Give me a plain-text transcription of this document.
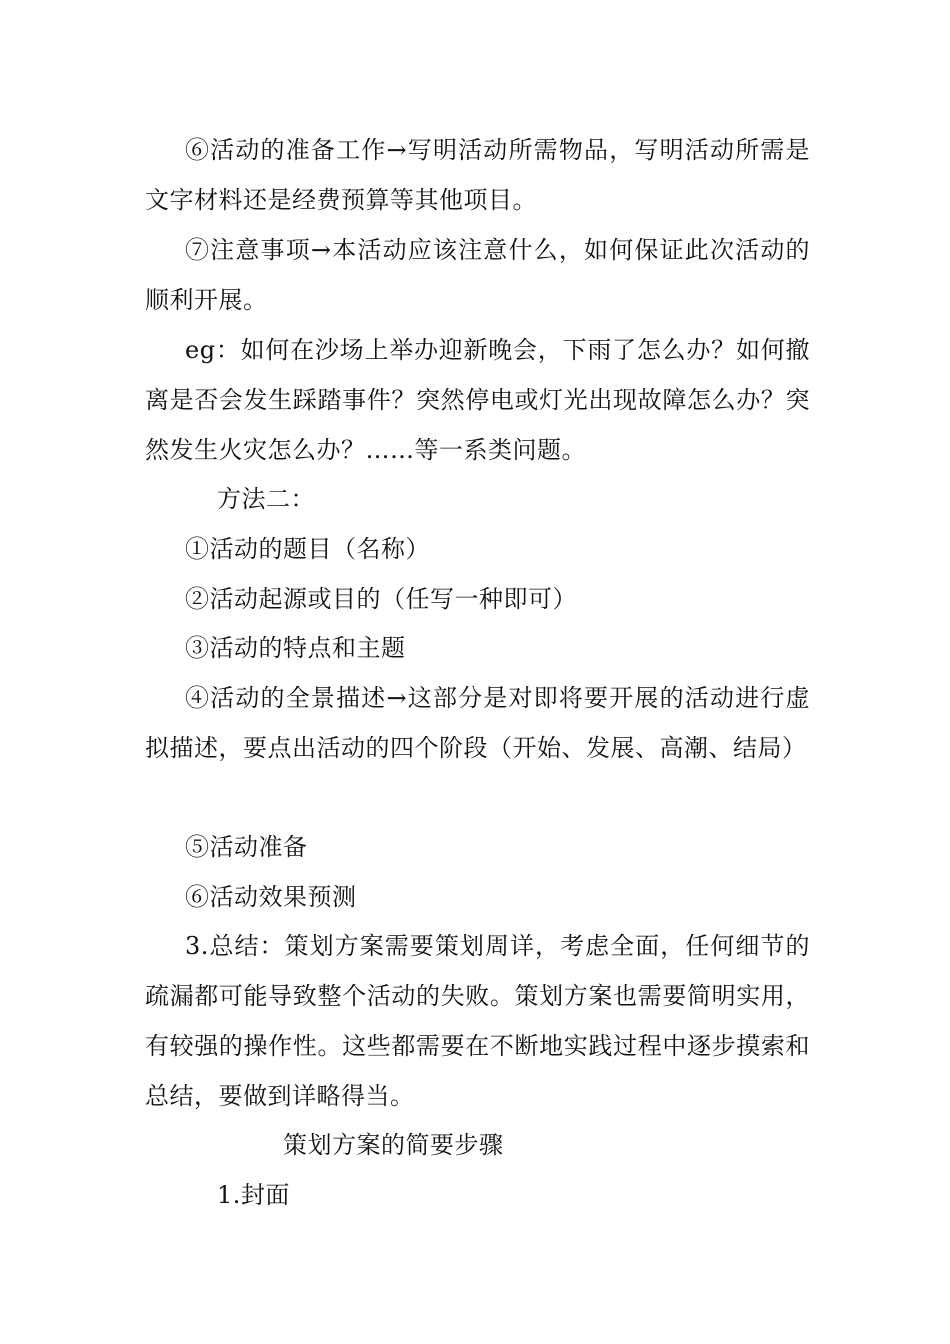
⑥活动的准备工作→写明活动所需物品，写明活动所需是文字材料还是经费预算等其他项目。

⑦注意事项→本活动应该注意什么，如何保证此次活动的顺利开展。

eg：如何在沙场上举办迎新晚会，下雨了怎么办？如何撤离是否会发生踩踏事件？突然停电或灯光出现故障怎么办？突然发生火灾怎么办？……等一系类问题。

方法二：

①活动的题目（名称）

②活动起源或目的（任写一种即可）

③活动的特点和主题

④活动的全景描述→这部分是对即将要开展的活动进行虚拟描述，要点出活动的四个阶段（开始、发展、高潮、结局）

⑤活动准备

⑥活动效果预测

3.总结：策划方案需要策划周详，考虑全面，任何细节的疏漏都可能导致整个活动的失败。策划方案也需要简明实用，有较强的操作性。这些都需要在不断地实践过程中逐步摸索和总结，要做到详略得当。

策划方案的简要步骤

1.封面
